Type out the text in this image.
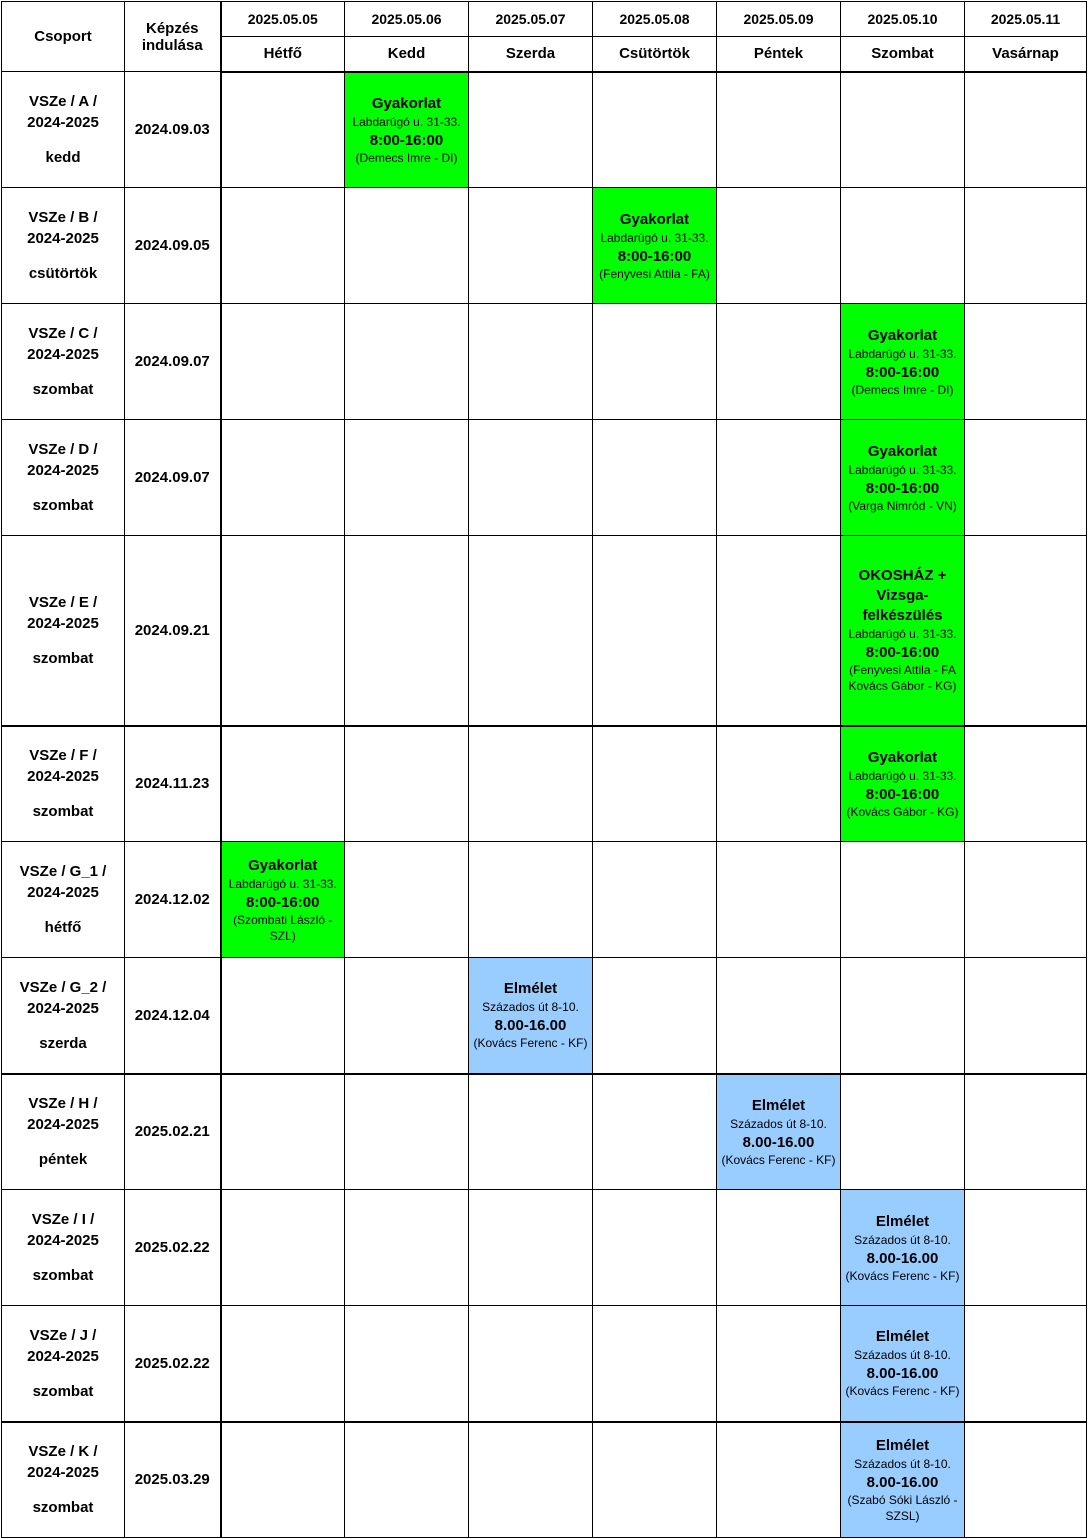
Csoport	Képzés indulása	2025.05.05	2025.05.06	2025.05.07	2025.05.08	2025.05.09	2025.05.10	2025.05.11
		Hétfő	Kedd	Szerda	Csütörtök	Péntek	Szombat	Vasárnap

VSZe / A /
2024-2025
kedd	2024.09.03		Gyakorlat
Labdarúgó u. 31-33.
8:00-16:00
(Demecs Imre - DI)					

VSZe / B /
2024-2025
csütörtök	2024.09.05				Gyakorlat
Labdarúgó u. 31-33.
8:00-16:00
(Fenyvesi Attila - FA)			

VSZe / C /
2024-2025
szombat	2024.09.07						Gyakorlat
Labdarúgó u. 31-33.
8:00-16:00
(Demecs Imre - DI)	

VSZe / D /
2024-2025
szombat	2024.09.07						Gyakorlat
Labdarúgó u. 31-33.
8:00-16:00
(Varga Nimród - VN)	

VSZe / E /
2024-2025
szombat	2024.09.21						OKOSHÁZ + Vizsga-felkészülés
Labdarúgó u. 31-33.
8:00-16:00
(Fenyvesi Attila - FA Kovács Gábor - KG)	

VSZe / F /
2024-2025
szombat	2024.11.23						Gyakorlat
Labdarúgó u. 31-33.
8:00-16:00
(Kovács Gábor - KG)	

VSZe / G_1 /
2024-2025
hétfő	2024.12.02	Gyakorlat
Labdarúgó u. 31-33.
8:00-16:00
(Szombati László - SZL)						

VSZe / G_2 /
2024-2025
szerda	2024.12.04			Elmélet
Százados út 8-10.
8.00-16.00
(Kovács Ferenc - KF)				

VSZe / H /
2024-2025
péntek	2025.02.21					Elmélet
Százados út 8-10.
8.00-16.00
(Kovács Ferenc - KF)		

VSZe / I /
2024-2025
szombat	2025.02.22						Elmélet
Százados út 8-10.
8.00-16.00
(Kovács Ferenc - KF)	

VSZe / J /
2024-2025
szombat	2025.02.22						Elmélet
Százados út 8-10.
8.00-16.00
(Kovács Ferenc - KF)	

VSZe / K /
2024-2025
szombat	2025.03.29						Elmélet
Százados út 8-10.
8.00-16.00
(Szabó Sóki László - SZSL)	
